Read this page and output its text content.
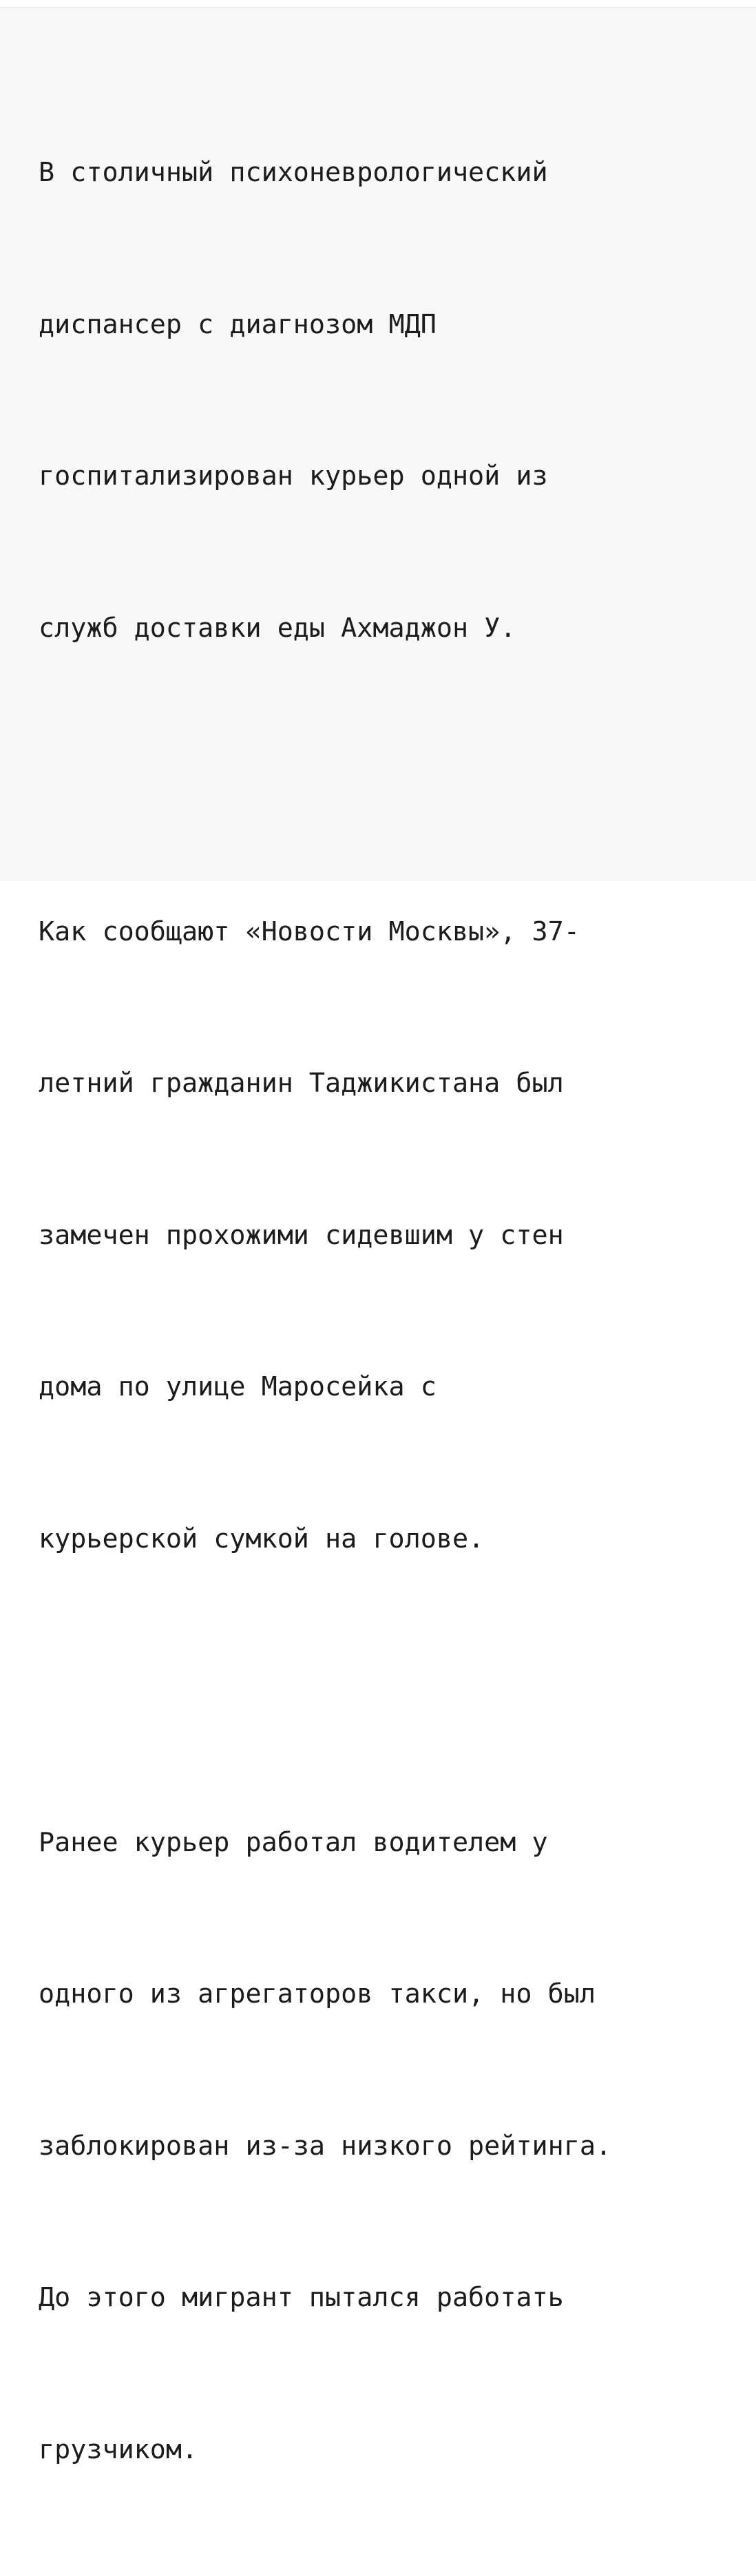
В столичный психоневрологический

диспансер с диагнозом МДП

госпитализирован курьер одной из

служб доставки еды Ахмаджон У.

Как сообщают «Новости Москвы», 37-

летний гражданин Таджикистана был

замечен прохожими сидевшим у стен

дома по улице Маросейка с

курьерской сумкой на голове.

Ранее курьер работал водителем у

одного из агрегаторов такси, но был

заблокирован из-за низкого рейтинга.

До этого мигрант пытался работать

грузчиком.
